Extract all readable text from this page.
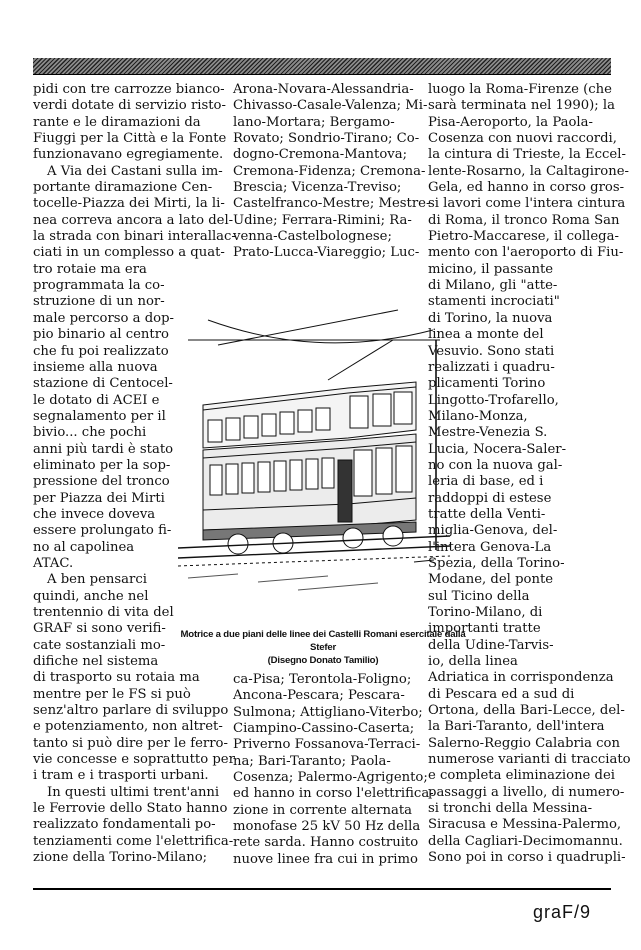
pidi con tre carrozze bianco-
verdi dotate di servizio risto-
rante e le diramazioni da
Fiuggi per la Città e la Fonte
funzionavano egregiamente.
A Via dei Castani sulla im-
portante diramazione Cen-
tocelle-Piazza dei Mirti, la li-
nea correva ancora a lato del-
la strada con binari interallac-
ciati in un complesso a quat-
tro rotaie ma era
programmata la co-
struzione di un nor-
male percorso a dop-
pio binario al centro
che fu poi realizzato
insieme alla nuova
stazione di Centocel-
le dotato di ACEI e
segnalamento per il
bivio... che pochi
anni più tardi è stato
eliminato per la sop-
pressione del tronco
per Piazza dei Mirti
che invece doveva
essere prolungato fi-
no al capolinea
ATAC.
A ben pensarci
quindi, anche nel
trentennio di vita del
GRAF si sono verifi-
cate sostanziali mo-
difiche nel sistema
di trasporto su rotaia ma
mentre per le FS si può
senz'altro parlare di sviluppo
e potenziamento, non altret-
tanto si può dire per le ferro-
vie concesse e soprattutto per
i tram e i trasporti urbani.
In questi ultimi trent'anni
le Ferrovie dello Stato hanno
realizzato fondamentali po-
tenziamenti come l'elettrifica-
zione della Torino-Milano;
Arona-Novara-Alessandria-
Chivasso-Casale-Valenza; Mi-
lano-Mortara; Bergamo-
Rovato; Sondrio-Tirano; Co-
dogno-Cremona-Mantova;
Cremona-Fidenza; Cremona-
Brescia; Vicenza-Treviso;
Castelfranco-Mestre; Mestre-
Udine; Ferrara-Rimini; Ra-
venna-Castelbolognese;
Prato-Lucca-Viareggio; Luc-
Motrice a due piani delle linee dei Castelli Romani esercitale dalla Stefer
(Disegno Donato Tamilio)
ca-Pisa; Terontola-Foligno;
Ancona-Pescara; Pescara-
Sulmona; Attigliano-Viterbo;
Ciampino-Cassino-Caserta;
Priverno Fossanova-Terraci-
na; Bari-Taranto; Paola-
Cosenza; Palermo-Agrigento;
ed hanno in corso l'elettrifica-
zione in corrente alternata
monofase 25 kV 50 Hz della
rete sarda. Hanno costruito
nuove linee fra cui in primo
luogo la Roma-Firenze (che
sarà terminata nel 1990); la
Pisa-Aeroporto, la Paola-
Cosenza con nuovi raccordi,
la cintura di Trieste, la Eccel-
lente-Rosarno, la Caltagirone-
Gela, ed hanno in corso gros-
si lavori come l'intera cintura
di Roma, il tronco Roma San
Pietro-Maccarese, il collega-
mento con l'aeroporto di Fiu-
micino, il passante
di Milano, gli "atte-
stamenti incrociati"
di Torino, la nuova
linea a monte del
Vesuvio. Sono stati
realizzati i quadru-
plicamenti Torino
Lingotto-Trofarello,
Milano-Monza,
Mestre-Venezia S.
Lucia, Nocera-Saler-
no con la nuova gal-
leria di base, ed i
raddoppi di estese
tratte della Venti-
miglia-Genova, del-
l'intera Genova-La
Spezia, della Torino-
Modane, del ponte
sul Ticino della
Torino-Milano, di
importanti tratte
della Udine-Tarvis-
io, della linea
Adriatica in corrispondenza
di Pescara ed a sud di
Ortona, della Bari-Lecce, del-
la Bari-Taranto, dell'intera
Salerno-Reggio Calabria con
numerose varianti di tracciato
e completa eliminazione dei
passaggi a livello, di numero-
si tronchi della Messina-
Siracusa e Messina-Palermo,
della Cagliari-Decimomannu.
Sono poi in corso i quadrupli-
graF/9
